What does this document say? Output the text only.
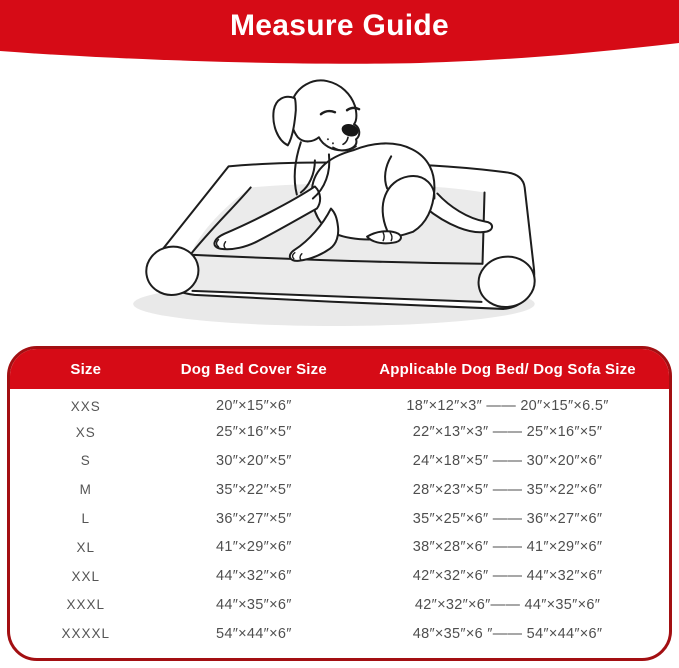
Measure Guide
Size	Dog Bed Cover Size	Applicable Dog Bed/ Dog Sofa Size
XXS	20″×15″×6″	18″×12″×3″ —— 20″×15″×6.5″
XS	25″×16″×5″	22″×13″×3″ —— 25″×16″×5″
S	30″×20″×5″	24″×18″×5″ —— 30″×20″×6″
M	35″×22″×5″	28″×23″×5″ —— 35″×22″×6″
L	36″×27″×5″	35″×25″×6″ —— 36″×27″×6″
XL	41″×29″×6″	38″×28″×6″ —— 41″×29″×6″
XXL	44″×32″×6″	42″×32″×6″ —— 44″×32″×6″
XXXL	44″×35″×6″	42″×32″×6″—— 44″×35″×6″
XXXXL	54″×44″×6″	48″×35″×6 ″—— 54″×44″×6″
